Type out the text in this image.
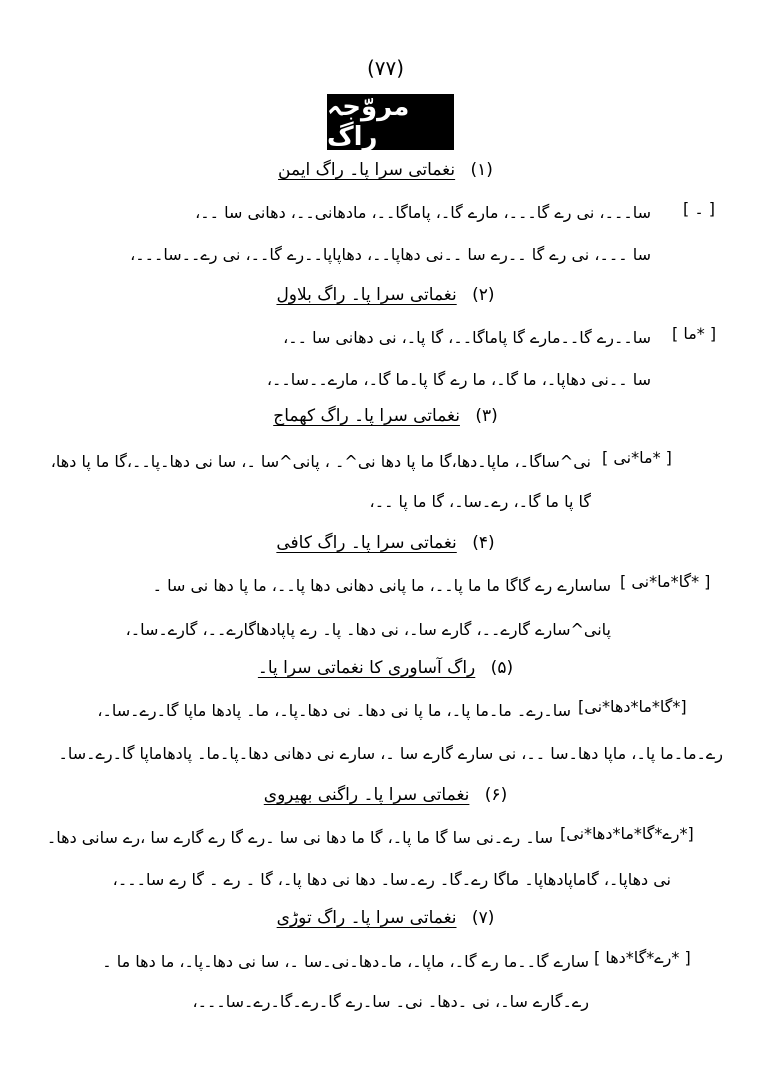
(۷۷)
مروّجہ راگ
(۱) نغماتی سرا پا۔ راگ ایمن
[ ۔ ]
سا۔۔۔، نی رے گا۔۔۔، مارے گا۔، پاماگا۔۔، مادھانی۔۔، دھانی سا ۔۔،
سا ۔۔۔، نی رے گا ۔۔رے سا ۔۔نی دھاپا۔۔، دھاپاپا۔۔رے گا۔۔، نی رے۔۔سا۔۔۔،
(۲) نغماتی سرا پا۔ راگ بلاول
[ ما* ]
سا۔۔رے گا۔۔مارے گا پاماگا۔۔، گا پا۔، نی دھانی سا ۔۔،
سا ۔۔نی دھاپا۔، ما گا۔، ما رے گا پا۔ما گا۔، مارے۔۔سا۔۔،
(۳) نغماتی سرا پا۔ راگ کھماج
[ ما*نی* ]
نی^ساگا۔، ماپا۔دھا،گا ما پا دھا نی^۔ ، پانی^سا ۔، سا نی دھا۔پا۔۔،گا ما پا دھا،
گا پا ما گا۔، رے۔سا۔، گا ما پا ۔۔،
(۴) نغماتی سرا پا۔ راگ کافی
[ گا*ما*نی* ]
ساسارے رے گاگا ما ما پا۔۔، ما پانی دھانی دھا پا۔۔، ما پا دھا نی سا ۔
پانی^سارے گارے۔۔، گارے سا۔، نی دھا۔ پا۔ رے پاپادھاگارے۔۔، گارے۔سا۔،
(۵) راگ آساوری کا نغماتی سرا پا۔
[گا*ما*دھا*نی*]
سا۔رے۔ ما۔ما پا۔، ما پا نی دھا۔ نی دھا۔پا۔، ما۔ پادھا ماپا گا۔رے۔سا۔،
رے۔ما۔ما پا۔، ماپا دھا۔سا ۔۔، نی سارے گارے سا ۔، سارے نی دھانی دھا۔پا۔ما۔ پادھاماپا گا۔رے۔سا۔
(۶) نغماتی سرا پا۔ راگنی بھیروی
[رے*گا*ما*دھا*نی*]
سا۔ رے۔نی سا گا ما پا۔، گا ما دھا نی سا ۔رے گا رے گارے سا ،رے سانی دھا۔
نی دھاپا۔، گاماپادھاپا۔ ماگا رے۔گا۔ رے۔سا۔ دھا نی دھا پا۔، گا ۔ رے ۔ گا رے سا۔۔۔،
(۷) نغماتی سرا پا۔ راگ توڑی
[ رے*گا*دھا* ]
سارے گا۔۔ما رے گا۔، ماپا۔، ما۔دھا۔نی۔سا ۔، سا نی دھا۔پا۔، ما دھا ما ۔
رے۔گارے سا۔، نی ۔دھا۔ نی۔ سا۔رے گا۔رے۔گا۔رے۔سا۔۔۔،
